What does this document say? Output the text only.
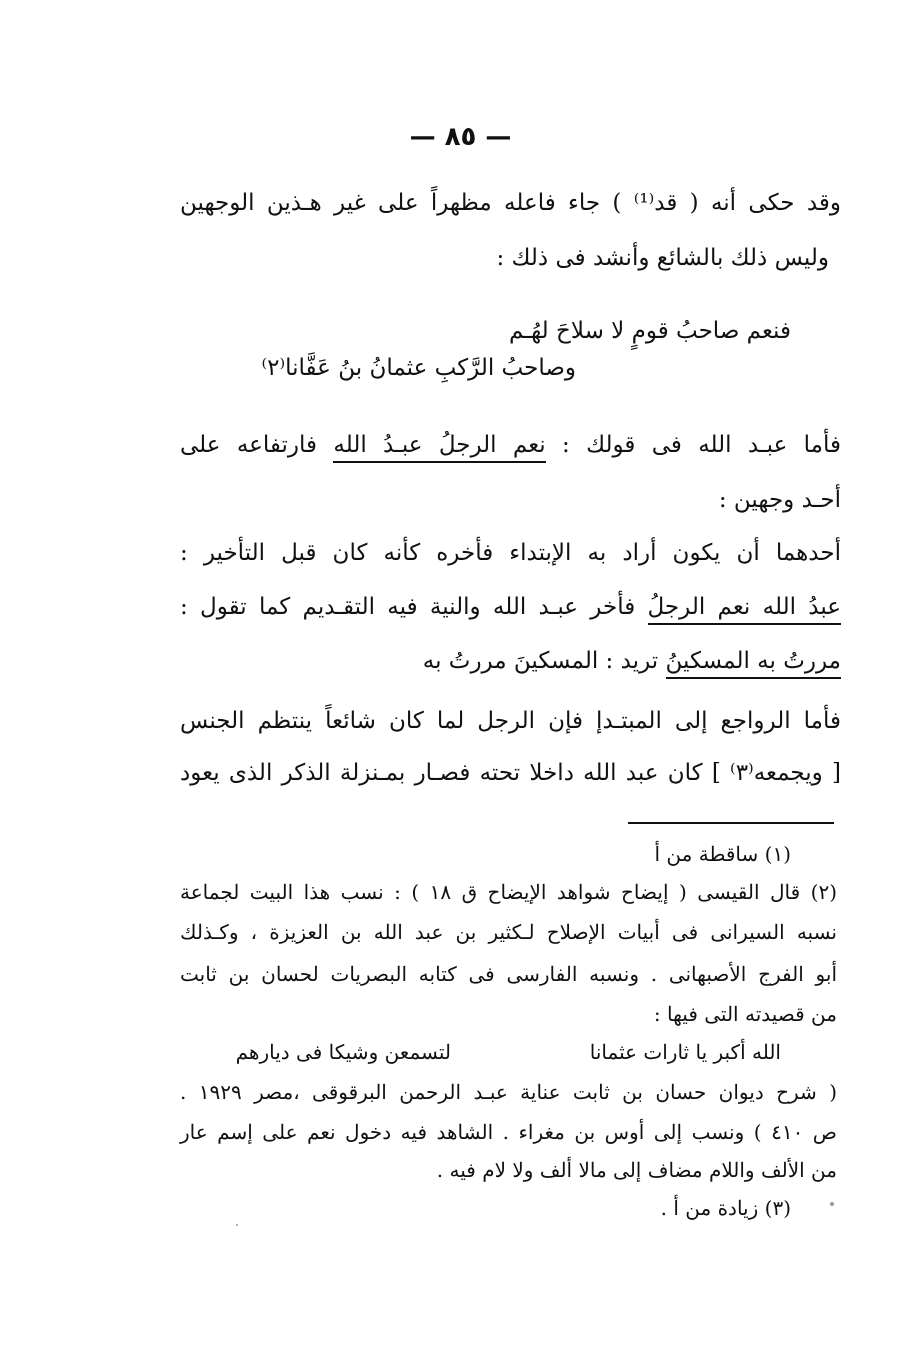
— ٨٥ —
وقد حكى أنه ( قد⁽¹⁾ ) جاء فاعله مظهراً على غير هـذين الوجهين
وليس ذلك بالشائع وأنشد فى ذلك :
فنعم صاحبُ قومٍ لا سلاحَ لهُـم
وصاحبُ الرَّكبِ عثمانُ بنُ عَفَّانا⁽٢⁾
فأما عبـد الله فى قولك : نعم الرجلُ عبـدُ الله فارتفاعه على
أحـد وجهين :
أحدهما أن يكون أراد به الإبتداء فأخره كأنه كان قبل التأخير :
عبدُ الله نعم الرجلُ فأخر عبـد الله والنية فيه التقـديم كما تقول :
مررتُ به المسكينُ تريد : المسكينَ مررتُ به
فأما الرواجع إلى المبتـدإ فإن الرجل لما كان شائعاً ينتظم الجنس
[ ويجمعه⁽٣⁾ ] كان عبد الله داخلا تحته فصـار بمـنزلة الذكر الذى يعود
(١) ساقطة من أ
(٢) قال القيسى ( إيضاح شواهد الإيضاح ق ١٨ ) : نسب هذا البيت لجماعة
نسبه السيرانى فى أبيات الإصلاح لـكثير بن عبد الله بن العزيزة ، وكـذلك
أبو الفرج الأصبهانى . ونسبه الفارسى فى كتابه البصريات لحسان بن ثابت
من قصيدته التى فيها :
لتسمعن وشيكا فى ديارهم	الله أكبر يا ثارات عثمانا
( شرح ديوان حسان بن ثابت عناية عبـد الرحمن البرقوقى ،مصر ١٩٢٩ .
ص ٤١٠ ) ونسب إلى أوس بن مغراء . الشاهد فيه دخول نعم على إسم عار
من الألف واللام مضاف إلى مالا ألف ولا لام فيه .
(٣) زيادة من أ .
